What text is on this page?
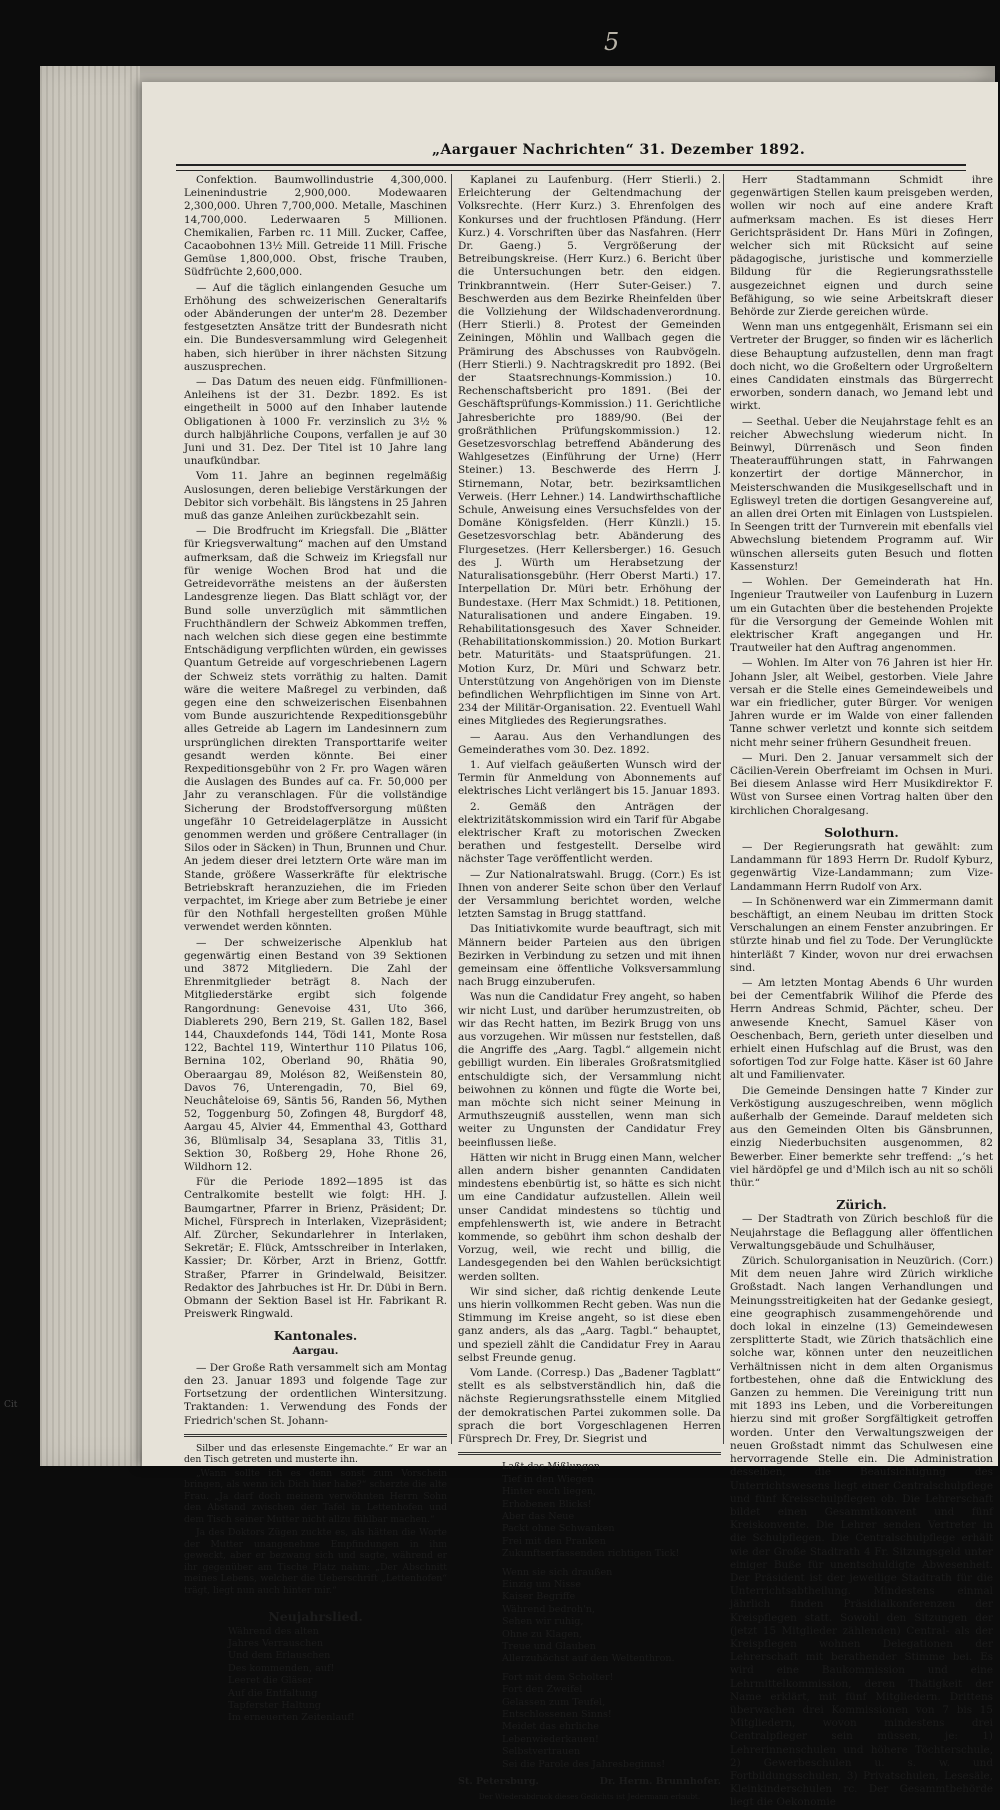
5
Cit
„Aargauer Nachrichten“ 31. Dezember 1892.

Confektion. Baumwollindustrie 4,300,000. Leinenindustrie 2,900,000. Modewaaren 2,300,000. Uhren 7,700,000. Metalle, Maschinen 14,700,000. Lederwaaren 5 Millionen. Chemikalien, Farben rc. 11 Mill. Zucker, Caffee, Cacaobohnen 13½ Mill. Getreide 11 Mill. Frische Gemüse 1,800,000. Obst, frische Trauben, Südfrüchte 2,600,000.

— Auf die täglich einlangenden Gesuche um Erhöhung des schweizerischen Generaltarifs oder Abänderungen der unter'm 28. Dezember festgesetzten Ansätze tritt der Bundesrath nicht ein. Die Bundesversammlung wird Gelegenheit haben, sich hierüber in ihrer nächsten Sitzung auszusprechen.

— Das Datum des neuen eidg. Fünfmillionen-Anleihens ist der 31. Dezbr. 1892. Es ist eingetheilt in 5000 auf den Inhaber lautende Obligationen à 1000 Fr. verzinslich zu 3½ % durch halbjährliche Coupons, verfallen je auf 30 Juni und 31. Dez. Der Titel ist 10 Jahre lang unaufkündbar.

Vom 11. Jahre an beginnen regelmäßig Auslosungen, deren beliebige Verstärkungen der Debitor sich vorbehält. Bis längstens in 25 Jahren muß das ganze Anleihen zurückbezahlt sein.

— Die Brodfrucht im Kriegsfall. Die „Blätter für Kriegsverwaltung“ machen auf den Umstand aufmerksam, daß die Schweiz im Kriegsfall nur für wenige Wochen Brod hat und die Getreidevorräthe meistens an der äußersten Landesgrenze liegen. Das Blatt schlägt vor, der Bund solle unverzüglich mit sämmtlichen Fruchthändlern der Schweiz Abkommen treffen, nach welchen sich diese gegen eine bestimmte Entschädigung verpflichten würden, ein gewisses Quantum Getreide auf vorgeschriebenen Lagern der Schweiz stets vorräthig zu halten. Damit wäre die weitere Maßregel zu verbinden, daß gegen eine den schweizerischen Eisenbahnen vom Bunde auszurichtende Rexpeditionsgebühr alles Getreide ab Lagern im Landesinnern zum ursprünglichen direkten Transporttarife weiter gesandt werden könnte. Bei einer Rexpeditionsgebühr von 2 Fr. pro Wagen wären die Auslagen des Bundes auf ca. Fr. 50,000 per Jahr zu veranschlagen. Für die vollständige Sicherung der Brodstoffversorgung müßten ungefähr 10 Getreidelagerplätze in Aussicht genommen werden und größere Centrallager (in Silos oder in Säcken) in Thun, Brunnen und Chur. An jedem dieser drei letztern Orte wäre man im Stande, größere Wasserkräfte für elektrische Betriebskraft heranzuziehen, die im Frieden verpachtet, im Kriege aber zum Betriebe je einer für den Nothfall hergestellten großen Mühle verwendet werden könnten.

— Der schweizerische Alpenklub hat gegenwärtig einen Bestand von 39 Sektionen und 3872 Mitgliedern. Die Zahl der Ehrenmitglieder beträgt 8. Nach der Mitgliederstärke ergibt sich folgende Rangordnung: Genevoise 431, Uto 366, Diablerets 290, Bern 219, St. Gallen 182, Basel 144, Chauxdefonds 144, Tödi 141, Monte Rosa 122, Bachtel 119, Winterthur 110 Pilatus 106, Bernina 102, Oberland 90, Rhätia 90, Oberaargau 89, Moléson 82, Weißenstein 80, Davos 76, Unterengadin, 70, Biel 69, Neuchâteloise 69, Säntis 56, Randen 56, Mythen 52, Toggenburg 50, Zofingen 48, Burgdorf 48, Aargau 45, Alvier 44, Emmenthal 43, Gotthard 36, Blümlisalp 34, Sesaplana 33, Titlis 31, Sektion 30, Roßberg 29, Hohe Rhone 26, Wildhorn 12.

Für die Periode 1892—1895 ist das Centralkomite bestellt wie folgt: HH. J. Baumgartner, Pfarrer in Brienz, Präsident; Dr. Michel, Fürsprech in Interlaken, Vizepräsident; Alf. Zürcher, Sekundarlehrer in Interlaken, Sekretär; E. Flück, Amtsschreiber in Interlaken, Kassier; Dr. Körber, Arzt in Brienz, Gottfr. Straßer, Pfarrer in Grindelwald, Beisitzer. Redaktor des Jahrbuches ist Hr. Dr. Dübi in Bern. Obmann der Sektion Basel ist Hr. Fabrikant R. Preiswerk Ringwald.

Kantonales.
Aargau.

— Der Große Rath versammelt sich am Montag den 23. Januar 1893 und folgende Tage zur Fortsetzung der ordentlichen Wintersitzung. Traktanden: 1. Verwendung des Fonds der Friedrich'schen St. Johann-

Silber und das erlesenste Eingemachte.“ Er war an den Tisch getreten und musterte ihn.

„Wann sollte ich es denn sonst zum Vorschein bringen, als wenn ich Dich hier habe?“ scherzte die alte Frau. „Ja darf doch meinem verwöhnten Herrn Sohn den Abstand zwischen der Tafel in Lettenhofen und dem Tisch seiner Mutter nicht allzu fühlbar machen.“

Ja des Doktors Zügen zuckte es, als hätten die Worte der Mutter unangenehme Empfindungen in ihm geweckt, aber er bezwang sich und sagte, während er ihr gegenüber am Tische Platz nahm: „Der Abschnitt meines Lebens, welcher die Ueberschrift „Lettenhofen“ trägt, liegt nun auch hinter mir.“

Neujahrslied.
Während des alten
Jahres Verrauschen
Und dem Erlauschen
Des kommenden, auf!
Leeret die Gläser
Auf die Entfaltung
Tapferster Haltung
Im erneuerten Zeitenlauf!

Kaplanei zu Laufenburg. (Herr Stierli.) 2. Erleichterung der Geltendmachung der Volksrechte. (Herr Kurz.) 3. Ehrenfolgen des Konkurses und der fruchtlosen Pfändung. (Herr Kurz.) 4. Vorschriften über das Nasfahren. (Herr Dr. Gaeng.) 5. Vergrößerung der Betreibungskreise. (Herr Kurz.) 6. Bericht über die Untersuchungen betr. den eidgen. Trinkbranntwein. (Herr Suter-Geiser.) 7. Beschwerden aus dem Bezirke Rheinfelden über die Vollziehung der Wildschadenverordnung. (Herr Stierli.) 8. Protest der Gemeinden Zeiningen, Möhlin und Wallbach gegen die Prämirung des Abschusses von Raubvögeln. (Herr Stierli.) 9. Nachtragskredit pro 1892. (Bei der Staatsrechnungs-Kommission.) 10. Rechenschaftsbericht pro 1891. (Bei der Geschäftsprüfungs-Kommission.) 11. Gerichtliche Jahresberichte pro 1889/90. (Bei der großräthlichen Prüfungskommission.) 12. Gesetzesvorschlag betreffend Abänderung des Wahlgesetzes (Einführung der Urne) (Herr Steiner.) 13. Beschwerde des Herrn J. Stirnemann, Notar, betr. bezirksamtlichen Verweis. (Herr Lehner.) 14. Landwirthschaftliche Schule, Anweisung eines Versuchsfeldes von der Domäne Königsfelden. (Herr Künzli.) 15. Gesetzesvorschlag betr. Abänderung des Flurgesetzes. (Herr Kellersberger.) 16. Gesuch des J. Würth um Herabsetzung der Naturalisationsgebühr. (Herr Oberst Marti.) 17. Interpellation Dr. Müri betr. Erhöhung der Bundestaxe. (Herr Max Schmidt.) 18. Petitionen, Naturalisationen und andere Eingaben. 19. Rehabilitationsgesuch des Xaver Schneider. (Rehabilitationskommission.) 20. Motion Burkart betr. Maturitäts- und Staatsprüfungen. 21. Motion Kurz, Dr. Müri und Schwarz betr. Unterstützung von Angehörigen von im Dienste befindlichen Wehrpflichtigen im Sinne von Art. 234 der Militär-Organisation. 22. Eventuell Wahl eines Mitgliedes des Regierungsrathes.

— Aarau. Aus den Verhandlungen des Gemeinderathes vom 30. Dez. 1892.

1. Auf vielfach geäußerten Wunsch wird der Termin für Anmeldung von Abonnements auf elektrisches Licht verlängert bis 15. Januar 1893.

2. Gemäß den Anträgen der elektrizitätskommission wird ein Tarif für Abgabe elektrischer Kraft zu motorischen Zwecken berathen und festgestellt. Derselbe wird nächster Tage veröffentlicht werden.

— Zur Nationalratswahl. Brugg. (Corr.) Es ist Ihnen von anderer Seite schon über den Verlauf der Versammlung berichtet worden, welche letzten Samstag in Brugg stattfand.

Das Initiativkomite wurde beauftragt, sich mit Männern beider Parteien aus den übrigen Bezirken in Verbindung zu setzen und mit ihnen gemeinsam eine öffentliche Volksversammlung nach Brugg einzuberufen.

Was nun die Candidatur Frey angeht, so haben wir nicht Lust, und darüber herumzustreiten, ob wir das Recht hatten, im Bezirk Brugg von uns aus vorzugehen. Wir müssen nur feststellen, daß die Angriffe des „Aarg. Tagbl.“ allgemein nicht gebilligt wurden. Ein liberales Großratsmitglied entschuldigte sich, der Versammlung nicht beiwohnen zu können und fügte die Worte bei, man möchte sich nicht seiner Meinung in Armuthszeugniß ausstellen, wenn man sich weiter zu Ungunsten der Candidatur Frey beeinflussen ließe.

Hätten wir nicht in Brugg einen Mann, welcher allen andern bisher genannten Candidaten mindestens ebenbürtig ist, so hätte es sich nicht um eine Candidatur aufzustellen. Allein weil unser Candidat mindestens so tüchtig und empfehlenswerth ist, wie andere in Betracht kommende, so gebührt ihm schon deshalb der Vorzug, weil, wie recht und billig, die Landesgegenden bei den Wahlen berücksichtigt werden sollten.

Wir sind sicher, daß richtig denkende Leute uns hierin vollkommen Recht geben. Was nun die Stimmung im Kreise angeht, so ist diese eben ganz anders, als das „Aarg. Tagbl.“ behauptet, und speziell zählt die Candidatur Frey in Aarau selbst Freunde genug.

Vom Lande. (Corresp.) Das „Badener Tagblatt“ stellt es als selbstverständlich hin, daß die nächste Regierungsrathsstelle einem Mitglied der demokratischen Partei zukommen solle. Da sprach die bort Vorgeschlagenen Herren Fürsprech Dr. Frey, Dr. Siegrist und

Laßt das Mißlungen
Tief in den Wiegen
Hinter euch liegen,
Erhobenen Blicks!
Aber das Neue
Packt ohne Schwanken
Frei mit den Pranken
Zukunftserfassenden richtigen Tick!
Wenn sie sich draußen
Einzig um Nisse
Kaiser Begriffe
Während bedroh'n,
Sehen wir ruhig,
Ohne zu Klagen,
Treue und Glauben
Allerzuhöchst auf den Weltenthron.
Fort mit dem Scholter!
Fort den Zweifel
Gelassen zum Teufel,
Entschlossenen Sinns!
Meidet das ehrliche
Lebenwiederkauen!
Selbstvertrauen
Sei die Parole des Jahresbeginns!
St. Petersburg.	Dr. Herm. Brunnhofer.
Der Wiederabdruck dieses Gedichts ist Jedermann erlaubt.

Herr Stadtammann Schmidt ihre gegenwärtigen Stellen kaum preisgeben werden, wollen wir noch auf eine andere Kraft aufmerksam machen. Es ist dieses Herr Gerichtspräsident Dr. Hans Müri in Zofingen, welcher sich mit Rücksicht auf seine pädagogische, juristische und kommerzielle Bildung für die Regierungsrathsstelle ausgezeichnet eignen und durch seine Befähigung, so wie seine Arbeitskraft dieser Behörde zur Zierde gereichen würde.

Wenn man uns entgegenhält, Erismann sei ein Vertreter der Brugger, so finden wir es lächerlich diese Behauptung aufzustellen, denn man fragt doch nicht, wo die Großeltern oder Urgroßeltern eines Candidaten einstmals das Bürgerrecht erworben, sondern danach, wo Jemand lebt und wirkt.

— Seethal. Ueber die Neujahrstage fehlt es an reicher Abwechslung wiederum nicht. In Beinwyl, Dürrenäsch und Seon finden Theateraufführungen statt, in Fahrwangen konzertirt der dortige Männerchor, in Meisterschwanden die Musikgesellschaft und in Eglisweyl treten die dortigen Gesangvereine auf, an allen drei Orten mit Einlagen von Lustspielen. In Seengen tritt der Turnverein mit ebenfalls viel Abwechslung bietendem Programm auf. Wir wünschen allerseits guten Besuch und flotten Kassensturz!

— Wohlen. Der Gemeinderath hat Hn. Ingenieur Trautweiler von Laufenburg in Luzern um ein Gutachten über die bestehenden Projekte für die Versorgung der Gemeinde Wohlen mit elektrischer Kraft angegangen und Hr. Trautweiler hat den Auftrag angenommen.

— Wohlen. Im Alter von 76 Jahren ist hier Hr. Johann Jsler, alt Weibel, gestorben. Viele Jahre versah er die Stelle eines Gemeindeweibels und war ein friedlicher, guter Bürger. Vor wenigen Jahren wurde er im Walde von einer fallenden Tanne schwer verletzt und konnte sich seitdem nicht mehr seiner frühern Gesundheit freuen.

— Muri. Den 2. Januar versammelt sich der Cäcilien-Verein Oberfreiamt im Ochsen in Muri. Bei diesem Anlasse wird Herr Musikdirektor F. Wüst von Sursee einen Vortrag halten über den kirchlichen Choralgesang.

Solothurn.

— Der Regierungsrath hat gewählt: zum Landammann für 1893 Herrn Dr. Rudolf Kyburz, gegenwärtig Vize-Landammann; zum Vize-Landammann Herrn Rudolf von Arx.

— In Schönenwerd war ein Zimmermann damit beschäftigt, an einem Neubau im dritten Stock Verschalungen an einem Fenster anzubringen. Er stürzte hinab und fiel zu Tode. Der Verunglückte hinterläßt 7 Kinder, wovon nur drei erwachsen sind.

— Am letzten Montag Abends 6 Uhr wurden bei der Cementfabrik Wilihof die Pferde des Herrn Andreas Schmid, Pächter, scheu. Der anwesende Knecht, Samuel Käser von Oeschenbach, Bern, gerieth unter dieselben und erhielt einen Hufschlag auf die Brust, was den sofortigen Tod zur Folge hatte. Käser ist 60 Jahre alt und Familienvater.

Die Gemeinde Densingen hatte 7 Kinder zur Verköstigung auszugeschreiben, wenn möglich außerhalb der Gemeinde. Darauf meldeten sich aus den Gemeinden Olten bis Gänsbrunnen, einzig Niederbuchsiten ausgenommen, 82 Bewerber. Einer bemerkte sehr treffend: „’s het viel härdöpfel ge und d'Milch isch au nit so schöli thür.“

Zürich.

— Der Stadtrath von Zürich beschloß für die Neujahrstage die Beflaggung aller öffentlichen Verwaltungsgebäude und Schulhäuser,

Zürich. Schulorganisation in Neuzürich. (Corr.) Mit dem neuen Jahre wird Zürich wirkliche Großstadt. Nach langen Verhandlungen und Meinungsstreitigkeiten hat der Gedanke gesiegt, eine geographisch zusammengehörende und doch lokal in einzelne (13) Gemeindewesen zersplitterte Stadt, wie Zürich thatsächlich eine solche war, können unter den neuzeitlichen Verhältnissen nicht in dem alten Organismus fortbestehen, ohne daß die Entwicklung des Ganzen zu hemmen. Die Vereinigung tritt nun mit 1893 ins Leben, und die Vorbereitungen hierzu sind mit großer Sorgfältigkeit getroffen worden. Unter den Verwaltungszweigen der neuen Großstadt nimmt das Schulwesen eine hervorragende Stelle ein. Die Administration desselben, die Beaufsichtigung des Unterrichtswesens liegt einer Centralschulpflege und fünf Kreisschulpflegen ob. Die Lehrerschaft bildet einen Gesammtkonvent und fünf Kreiskonvente. Die Lehrer senden Vertreter in die Schulpflegen. Die Centralschulpflege erhält wie der Große Stadtrath 4 Fr. Sitzungsgeld unter einiger Buße für unentschuldigte Abwesenheit. Der Präsident ist der jeweilige Stadtrath für die Unterrichtsabtheilung. Mindestens einmal jährlich finden Präsidialkonferenzen der Kreispflegen statt. Sowohl den Sitzungen der (jetzt 15 Mitglieder zählenden) Central- als der Kreispflegen wohnen Delegationen der Lehrerschaft mit berathender Stimme bei. Es wird eine Baukommission und eine Lehrmittelkommission, deren Thätigkeit der Name erklärt, mit fünf Mitgliedern. Drittens überwachen drei Kommissionen von 7 bis 15 Mitgliedern, wovon mindestens drei Centralpfleger sein müssen, je: 1) Lehrerinnenschulen und höhere Töchterschule, 2) Gewerbeschulen u. s. w. und Fortbildungsschulen, 3) Privatschulen, Lesesäle, Kleinkinderschulen rc. Der Gesammtbehörde liegt die Oekonomie
